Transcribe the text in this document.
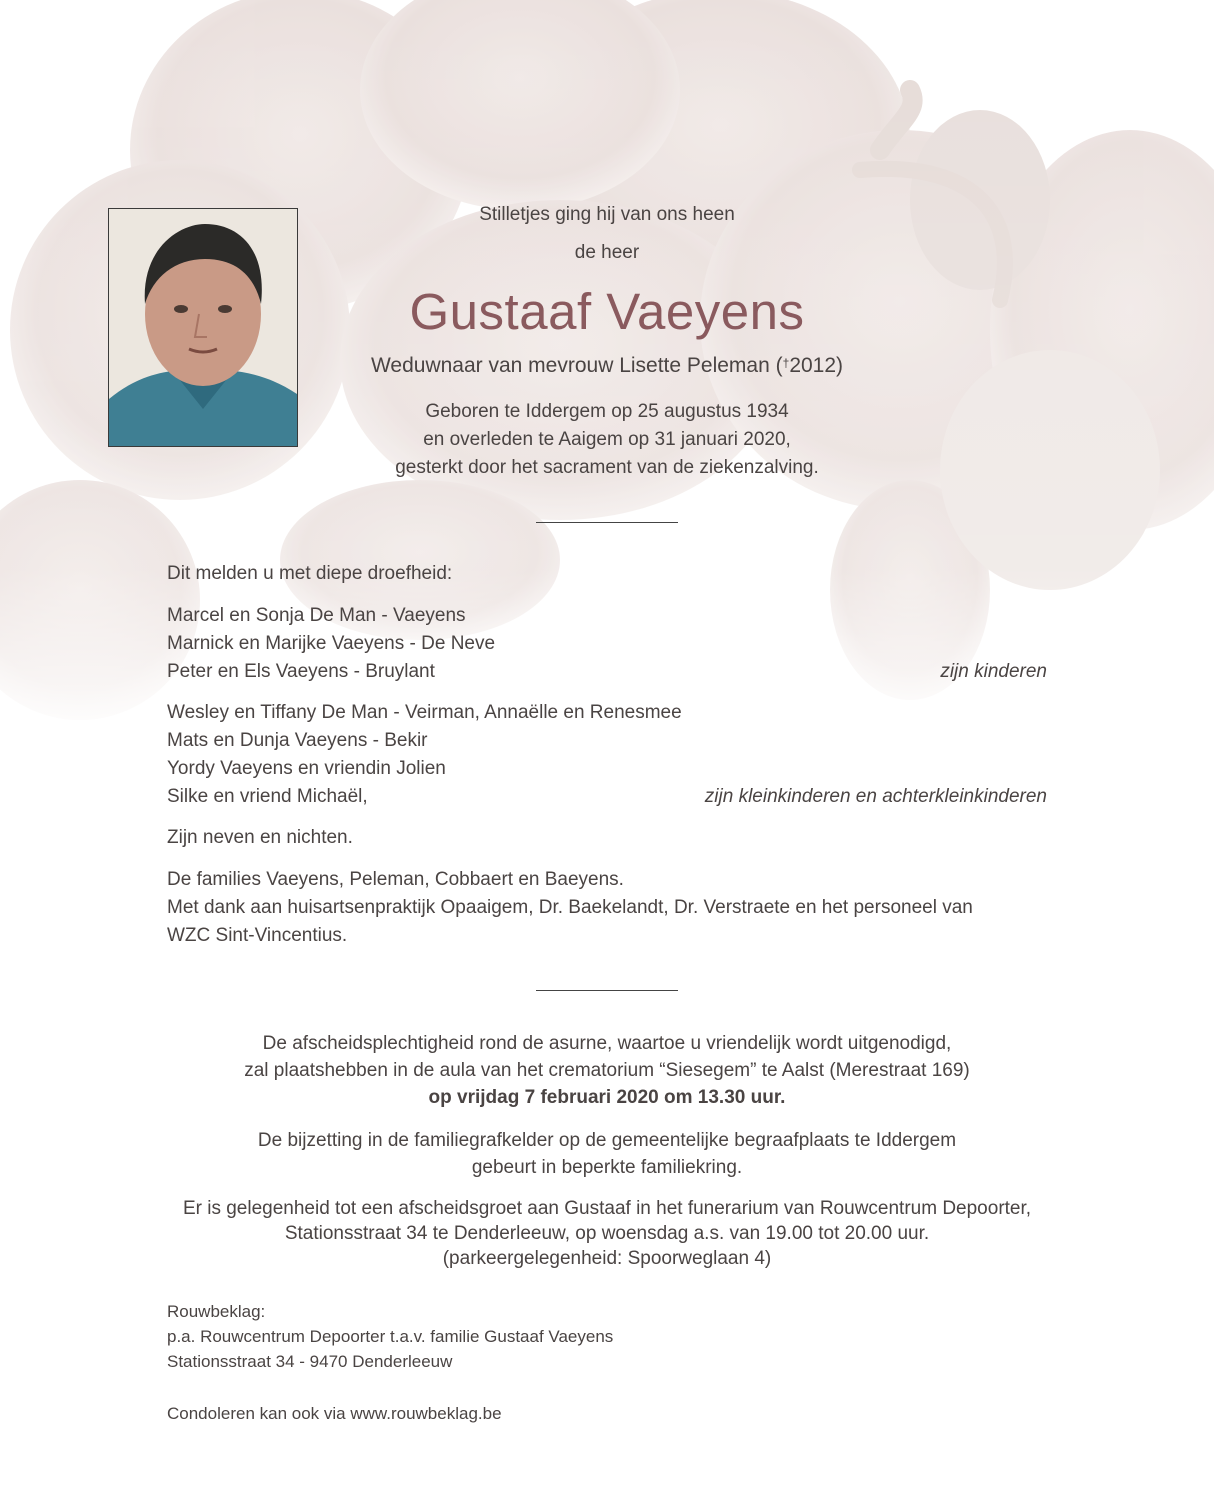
Stilletjes ging hij van ons heen
de heer
Gustaaf Vaeyens
Weduwnaar van mevrouw Lisette Peleman (†2012)
Geboren te Iddergem op 25 augustus 1934
en overleden te Aaigem op 31 januari 2020,
gesterkt door het sacrament van de ziekenzalving.
Dit melden u met diepe droefheid:
Marcel en Sonja De Man - Vaeyens
Marnick en Marijke Vaeyens - De Neve
Peter en Els Vaeyens - Bruylant	zijn kinderen
Wesley en Tiffany De Man - Veirman, Annaëlle en Renesmee
Mats en Dunja Vaeyens - Bekir
Yordy Vaeyens en vriendin Jolien
Silke en vriend Michaël,	zijn kleinkinderen en achterkleinkinderen
Zijn neven en nichten.
De families Vaeyens, Peleman, Cobbaert en Baeyens.
Met dank aan huisartsenpraktijk Opaaigem, Dr. Baekelandt, Dr. Verstraete en het personeel van
WZC Sint-Vincentius.
De afscheidsplechtigheid rond de asurne, waartoe u vriendelijk wordt uitgenodigd,
zal plaatshebben in de aula van het crematorium “Siesegem” te Aalst (Merestraat 169)
op vrijdag 7 februari 2020 om 13.30 uur.
De bijzetting in de familiegrafkelder op de gemeentelijke begraafplaats te Iddergem
gebeurt in beperkte familiekring.
Er is gelegenheid tot een afscheidsgroet aan Gustaaf in het funerarium van Rouwcentrum Depoorter,
Stationsstraat 34 te Denderleeuw, op woensdag a.s. van 19.00 tot 20.00 uur.
(parkeergelegenheid: Spoorweglaan 4)
Rouwbeklag:
p.a. Rouwcentrum Depoorter t.a.v. familie Gustaaf Vaeyens
Stationsstraat 34 - 9470 Denderleeuw
Condoleren kan ook via www.rouwbeklag.be
